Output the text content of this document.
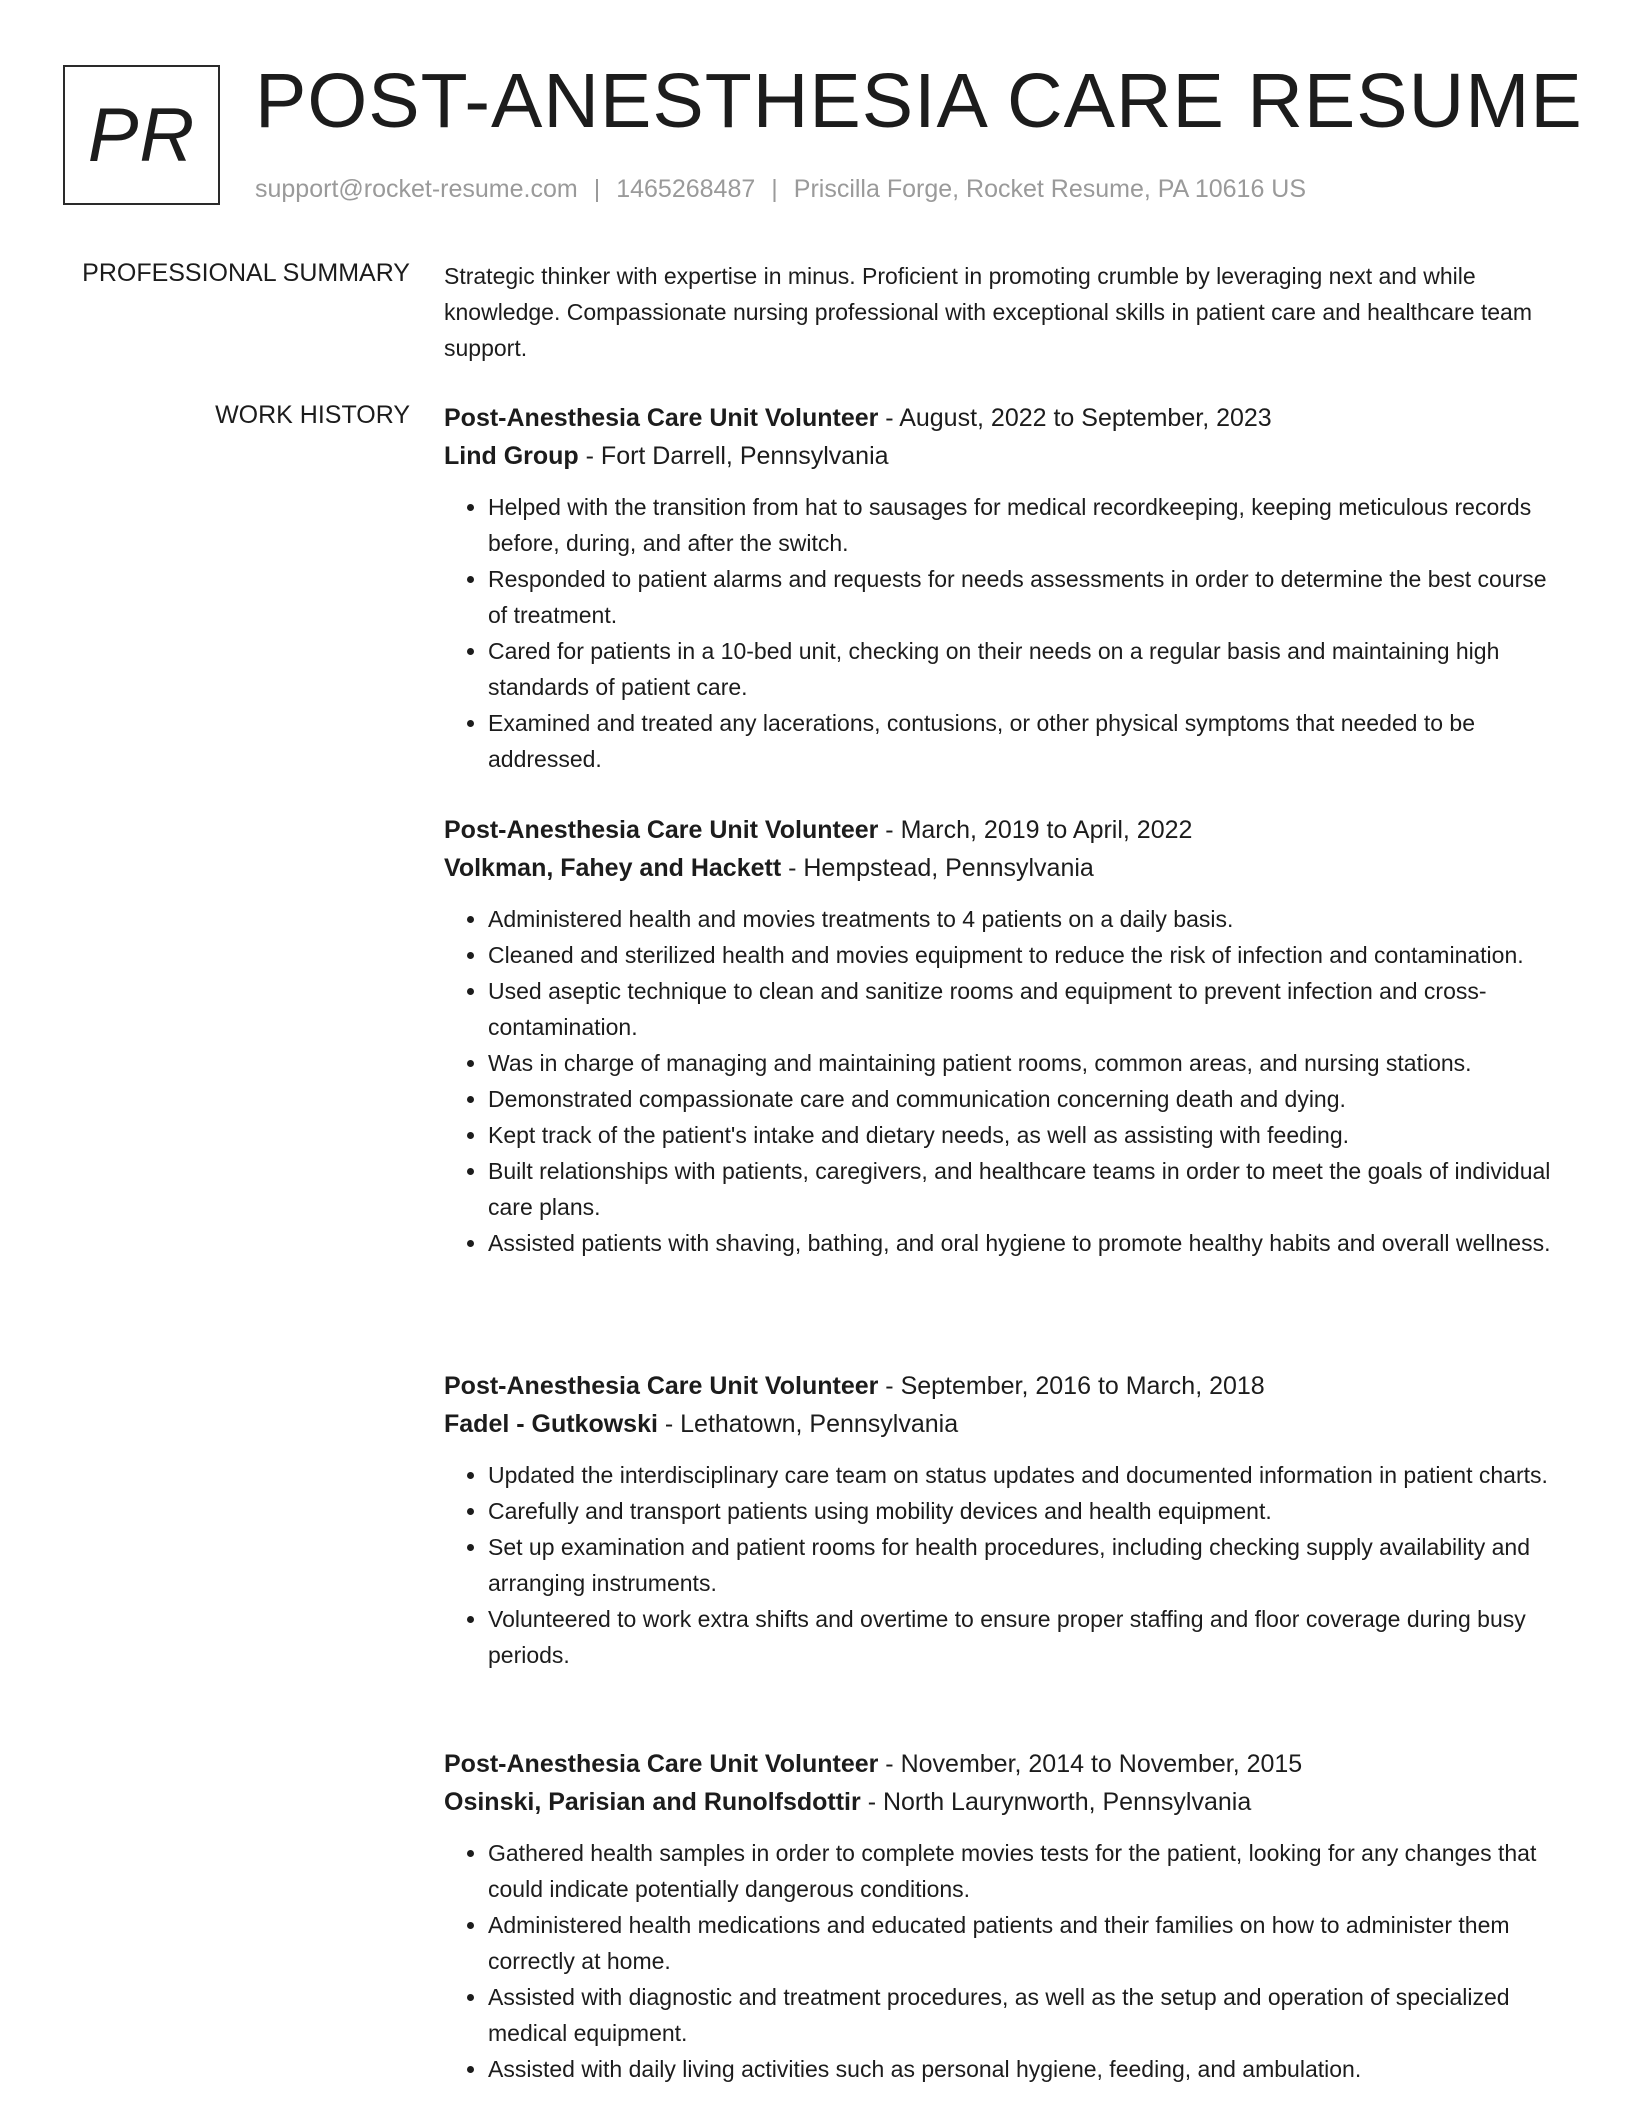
PR POST-ANESTHESIA CARE RESUME
support@rocket-resume.com | 1465268487 | Priscilla Forge, Rocket Resume, PA 10616 US
PROFESSIONAL SUMMARY Strategic thinker with expertise in minus. Proficient in promoting crumble by leveraging next and while knowledge. Compassionate nursing professional with exceptional skills in patient care and healthcare team support.

WORK HISTORY Post-Anesthesia Care Unit Volunteer - August, 2022 to September, 2023
Lind Group - Fort Darrell, Pennsylvania
• Helped with the transition from hat to sausages for medical recordkeeping, keeping meticulous records before, during, and after the switch.
• Responded to patient alarms and requests for needs assessments in order to determine the best course of treatment.
• Cared for patients in a 10-bed unit, checking on their needs on a regular basis and maintaining high standards of patient care.
• Examined and treated any lacerations, contusions, or other physical symptoms that needed to be addressed.
Post-Anesthesia Care Unit Volunteer - March, 2019 to April, 2022
Volkman, Fahey and Hackett - Hempstead, Pennsylvania
• Administered health and movies treatments to 4 patients on a daily basis.
• Cleaned and sterilized health and movies equipment to reduce the risk of infection and contamination.
• Used aseptic technique to clean and sanitize rooms and equipment to prevent infection and cross-contamination.
• Was in charge of managing and maintaining patient rooms, common areas, and nursing stations.
• Demonstrated compassionate care and communication concerning death and dying.
• Kept track of the patient's intake and dietary needs, as well as assisting with feeding.
• Built relationships with patients, caregivers, and healthcare teams in order to meet the goals of individual care plans.
• Assisted patients with shaving, bathing, and oral hygiene to promote healthy habits and overall wellness.
Post-Anesthesia Care Unit Volunteer - September, 2016 to March, 2018
Fadel - Gutkowski - Lethatown, Pennsylvania
• Updated the interdisciplinary care team on status updates and documented information in patient charts.
• Carefully and transport patients using mobility devices and health equipment.
• Set up examination and patient rooms for health procedures, including checking supply availability and arranging instruments.
• Volunteered to work extra shifts and overtime to ensure proper staffing and floor coverage during busy periods.
Post-Anesthesia Care Unit Volunteer - November, 2014 to November, 2015
Osinski, Parisian and Runolfsdottir - North Laurynworth, Pennsylvania
• Gathered health samples in order to complete movies tests for the patient, looking for any changes that could indicate potentially dangerous conditions.
• Administered health medications and educated patients and their families on how to administer them correctly at home.
• Assisted with diagnostic and treatment procedures, as well as the setup and operation of specialized medical equipment.
• Assisted with daily living activities such as personal hygiene, feeding, and ambulation.
